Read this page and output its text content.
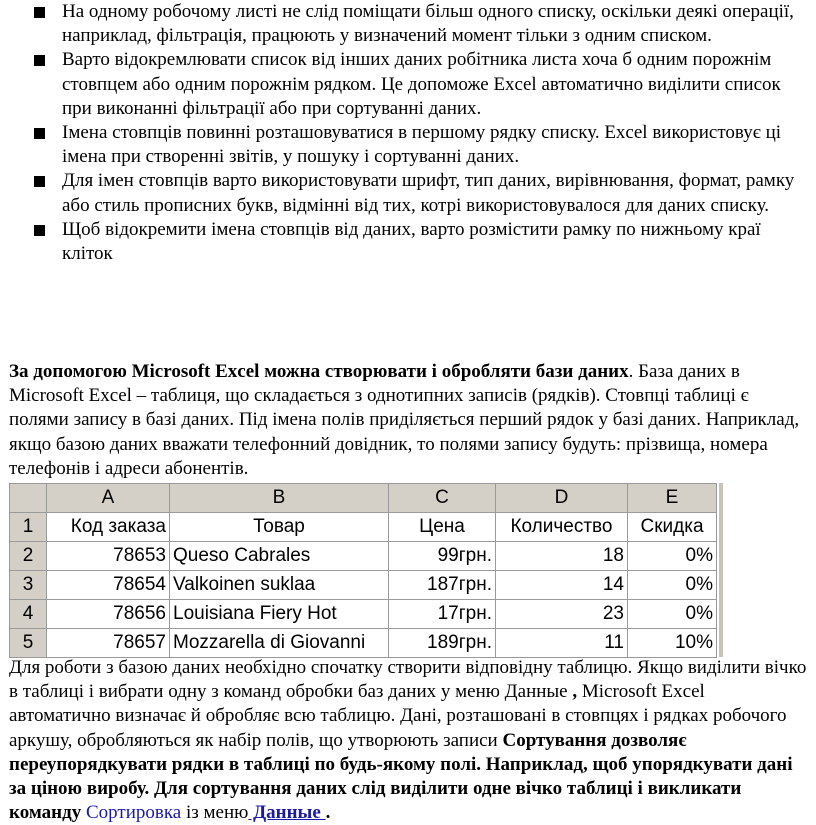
На одному робочому листі не слід поміщати більш одного списку, оскільки деякі операції, наприклад, фільтрація, працюють у визначений момент тільки з одним списком.
Варто відокремлювати список від інших даних робітника листа хоча б одним порожнім стовпцем або одним порожнім рядком. Це допоможе Excel автоматично виділити список при виконанні фільтрації або при сортуванні даних.
Імена стовпців повинні розташовуватися в першому рядку списку. Excel використовує ці імена при створенні звітів, у пошуку і сортуванні даних.
Для імен стовпців варто використовувати шрифт, тип даних, вирівнювання, формат, рамку або стиль прописних букв, відмінні від тих, котрі використовувалося для даних списку.
Щоб відокремити імена стовпців від даних, варто розмістити рамку по нижньому краї кліток

За допомогою Microsoft Excel можна створювати і обробляти бази даних. База даних в Microsoft Excel – таблиця, що складається з однотипних записів (рядків). Стовпці таблиці є полями запису в базі даних. Під імена полів приділяється перший рядок у базі даних. Наприклад, якщо базою даних вважати телефонний довідник, то полями запису будуть: прізвища, номера телефонів і адреси абонентів.

	A	B	C	D	E
1	Код заказа	Товар	Цена	Количество	Скидка
2	78653	Queso Cabrales	99грн.	18	0%
3	78654	Valkoinen suklaa	187грн.	14	0%
4	78656	Louisiana Fiery Hot	17грн.	23	0%
5	78657	Mozzarella di Giovanni	189грн.	11	10%

Для роботи з базою даних необхідно спочатку створити відповідну таблицю. Якщо виділити вічко в таблиці і вибрати одну з команд обробки баз даних у меню Данные , Microsoft Excel автоматично визначає й обробляє всю таблицю. Дані, розташовані в стовпцях і рядках робочого аркушу, обробляються як набір полів, що утворюють записи Сортування дозволяє переупорядкувати рядки в таблиці по будь-якому полі. Наприклад, щоб упорядкувати дані за ціною виробу. Для сортування даних слід виділити одне вічко таблиці і викликати команду Сортировка із меню Данные .
